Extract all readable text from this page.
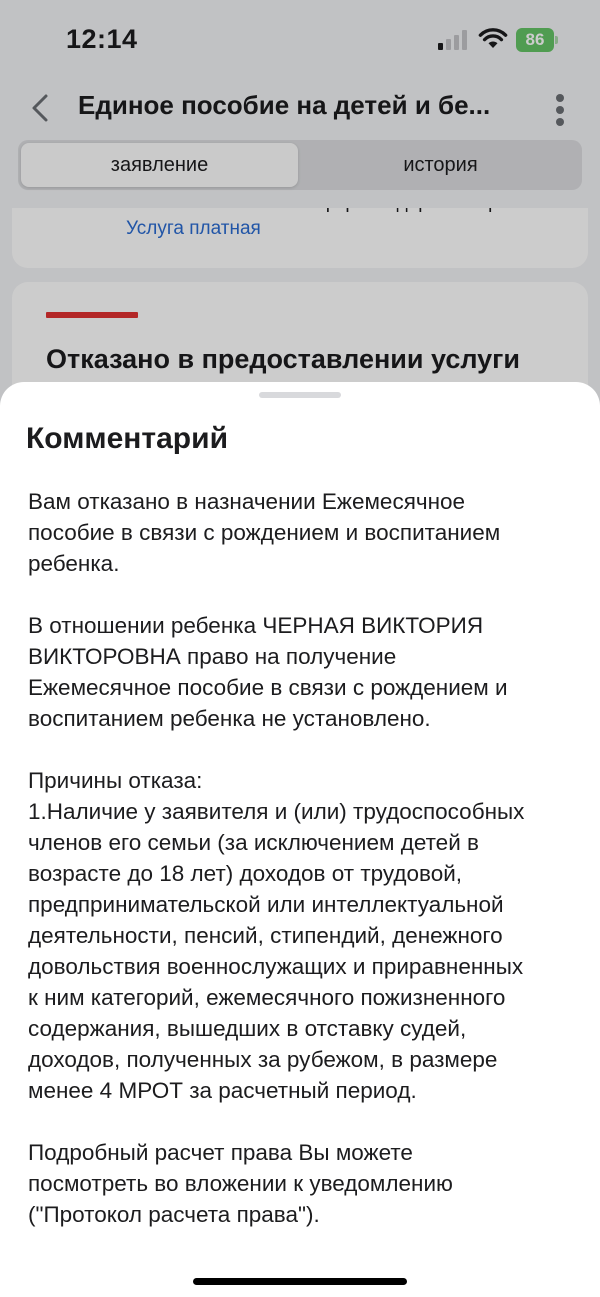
Услуга платная
Отказано в предоставлении услуги
12:14	86
Единое пособие на детей и бе...
заявление	история
Комментарий

Вам отказано в назначении Ежемесячное
пособие в связи с рождением и воспитанием
ребенка.

В отношении ребенка ЧЕРНАЯ ВИКТОРИЯ
ВИКТОРОВНА право на получение
Ежемесячное пособие в связи с рождением и
воспитанием ребенка не установлено.

Причины отказа:
1.Наличие у заявителя и (или) трудоспособных
членов его семьи (за исключением детей в
возрасте до 18 лет) доходов от трудовой,
предпринимательской или интеллектуальной
деятельности, пенсий, стипендий, денежного
довольствия военнослужащих и приравненных
к ним категорий, ежемесячного пожизненного
содержания, вышедших в отставку судей,
доходов, полученных за рубежом, в размере
менее 4 МРОТ за расчетный период.

Подробный расчет права Вы можете
посмотреть во вложении к уведомлению
("Протокол расчета права").
